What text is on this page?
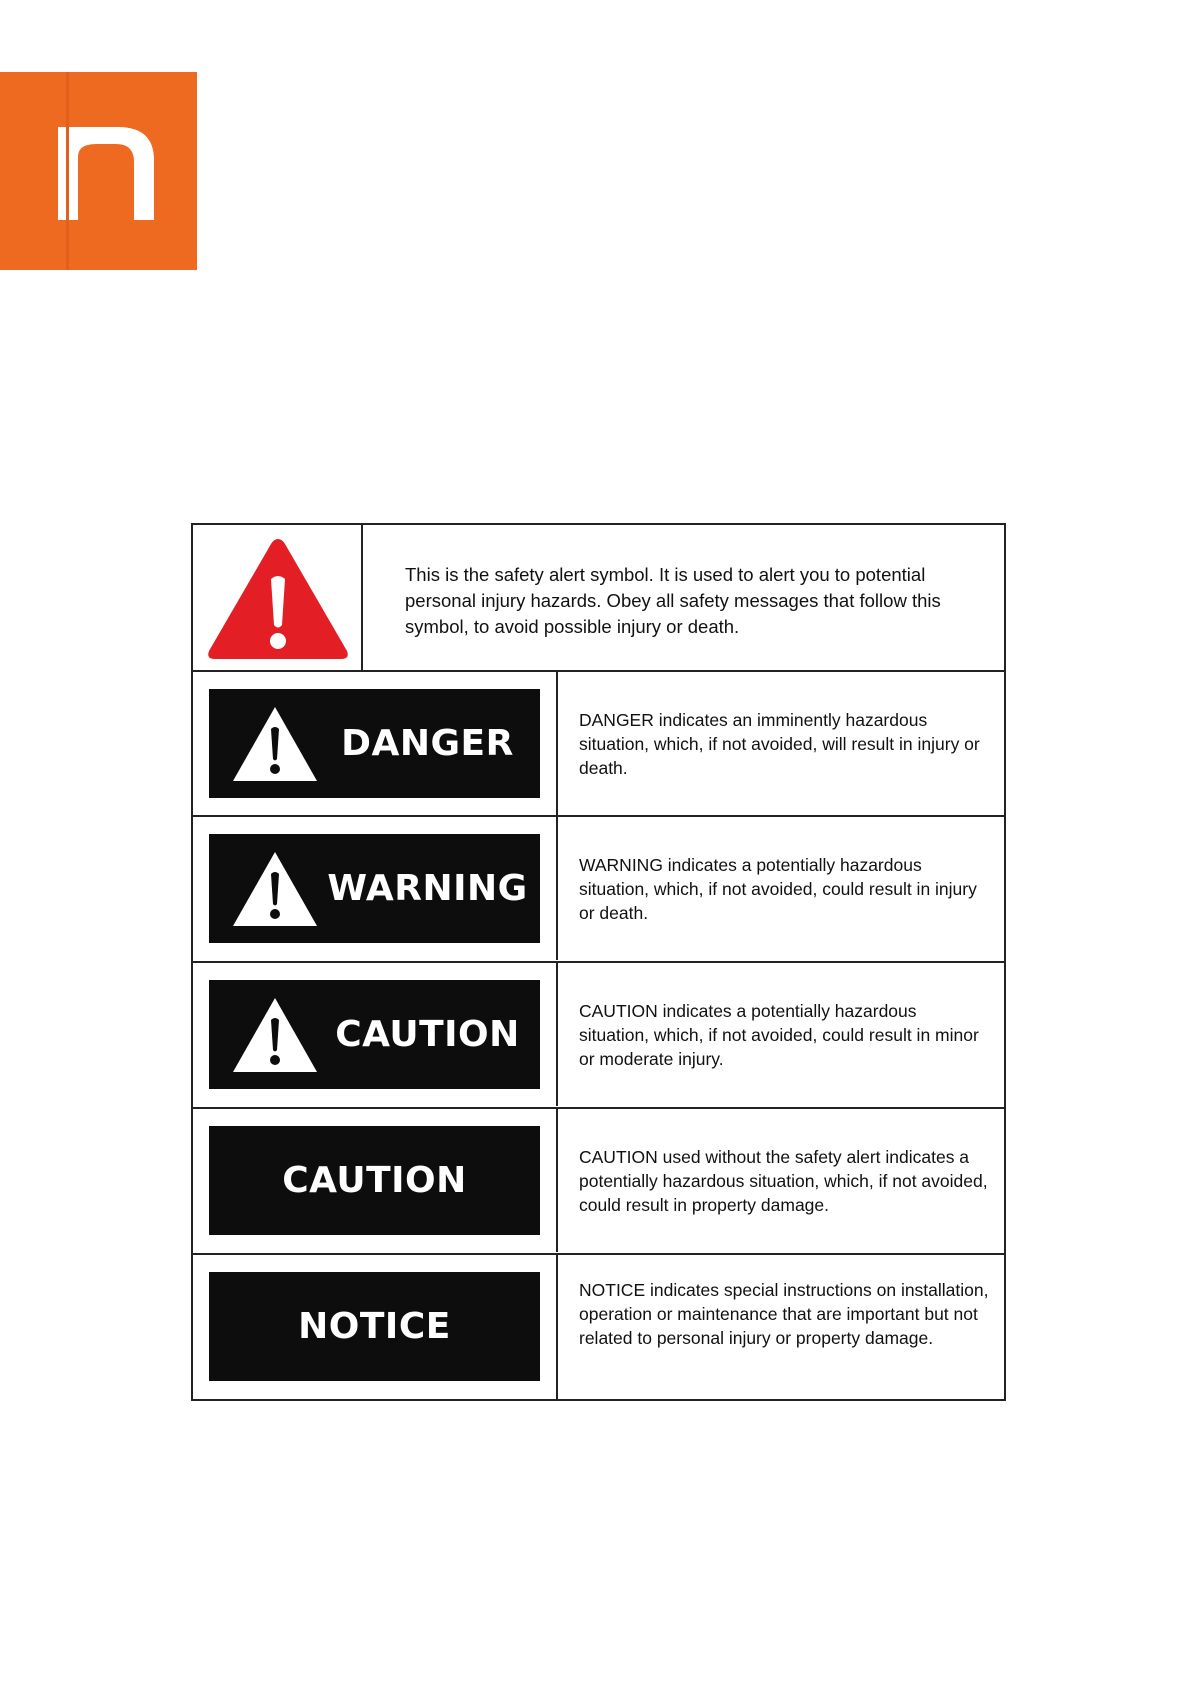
This is the safety alert symbol. It is used to alert you to potential personal injury hazards. Obey all safety messages that follow this symbol, to avoid possible injury or death.
DANGER
DANGER indicates an imminently hazardous situation, which, if not avoided, will result in injury or death.
WARNING
WARNING indicates a potentially hazardous situation, which, if not avoided, could result in injury or death.
CAUTION
CAUTION indicates a potentially hazardous situation, which, if not avoided, could result in minor or moderate injury.
CAUTION
CAUTION used without the safety alert indicates a potentially hazardous situation, which, if not avoided, could result in property damage.
NOTICE
NOTICE indicates special instructions on installation, operation or maintenance that are important but not related to personal injury or property damage.
